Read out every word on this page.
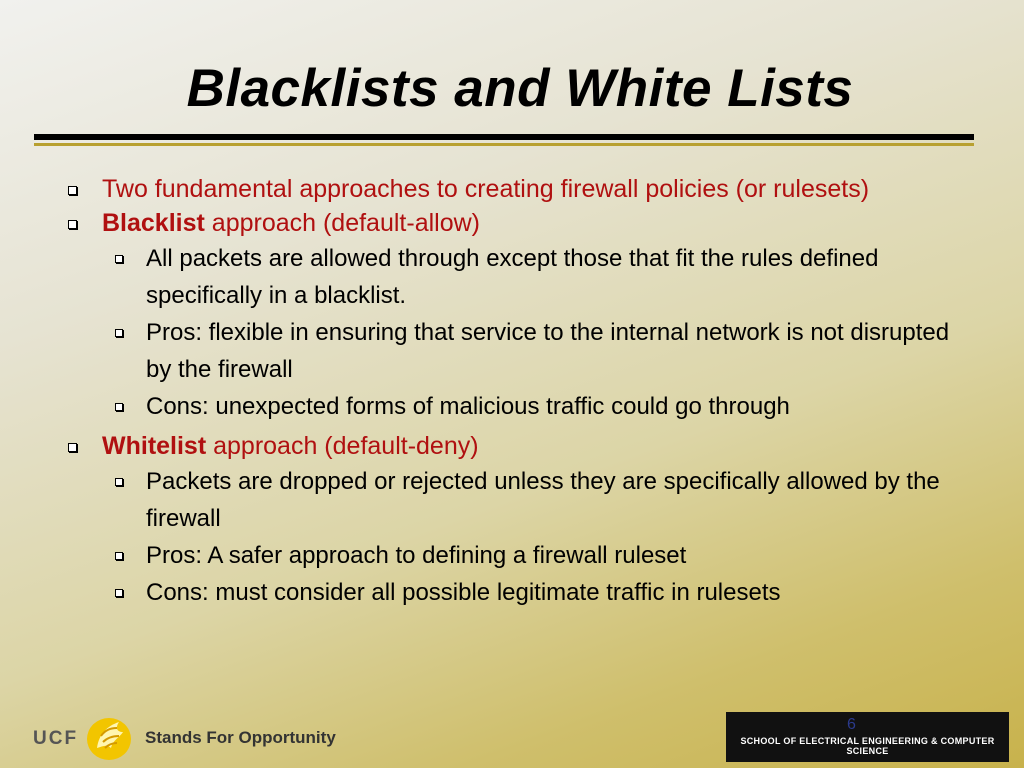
Blacklists and White Lists

Two fundamental approaches to creating firewall policies (or rulesets)

Blacklist approach (default-allow)

All packets are allowed through except those that fit the rules defined specifically in a blacklist.

Pros: flexible in ensuring that service to the internal network is not disrupted by the firewall

Cons: unexpected forms of malicious traffic could go through

Whitelist approach (default-deny)

Packets are dropped or rejected unless they are specifically allowed by the firewall

Pros: A safer approach to defining a firewall ruleset

Cons: must consider all possible legitimate traffic in rulesets

UCF	Stands For Opportunity	SCHOOL OF ELECTRICAL ENGINEERING & COMPUTER SCIENCE
6
